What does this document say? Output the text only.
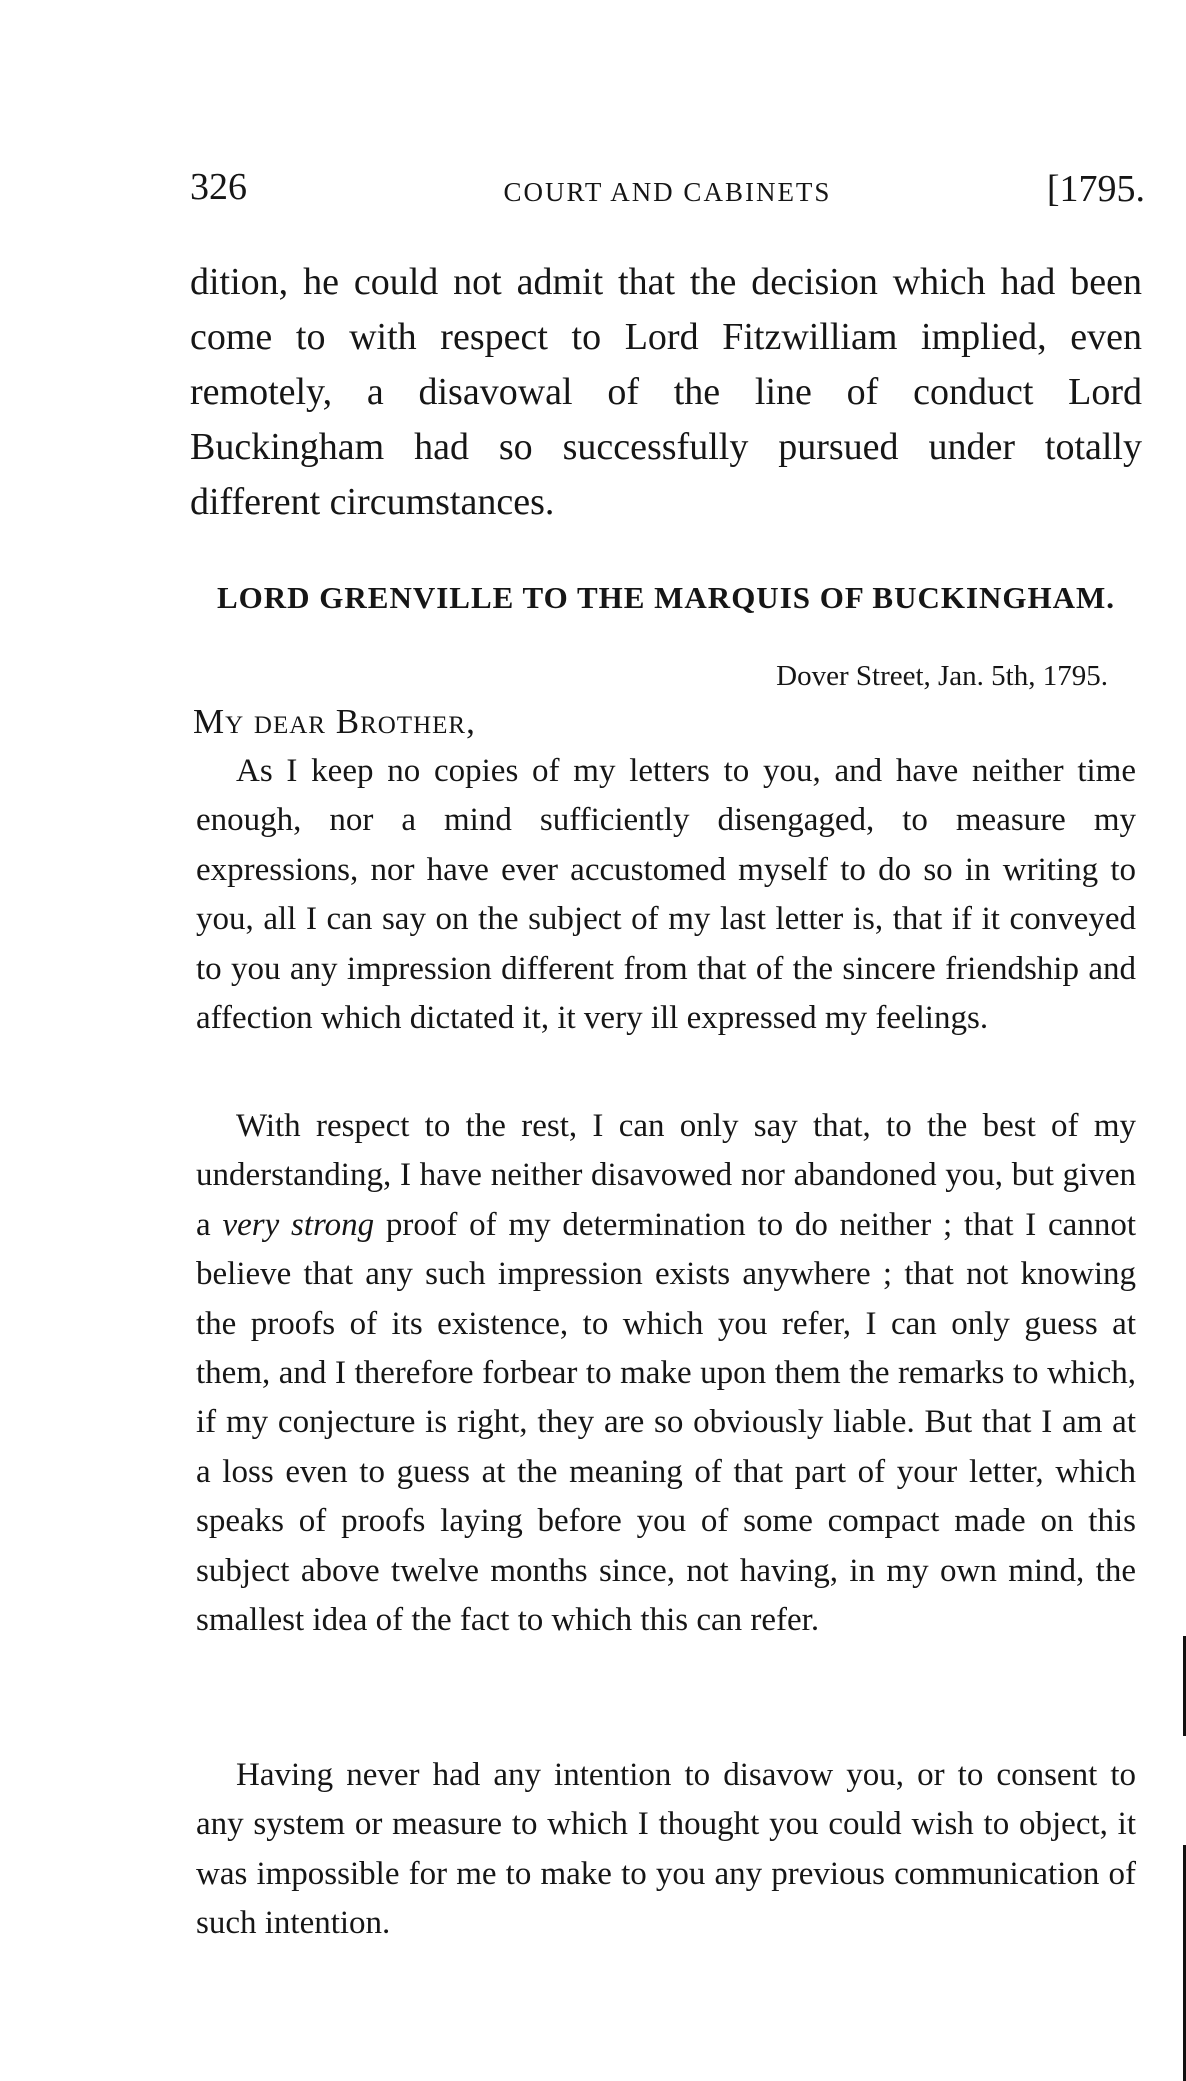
326	COURT AND CABINETS	[1795.

dition, he could not admit that the decision which had been come to with respect to Lord Fitzwilliam implied, even remotely, a disavowal of the line of conduct Lord Buckingham had so successfully pursued under totally different circumstances.

LORD GRENVILLE TO THE MARQUIS OF BUCKINGHAM.

Dover Street, Jan. 5th, 1795.

My dear Brother,

As I keep no copies of my letters to you, and have neither time enough, nor a mind sufficiently disengaged, to measure my expressions, nor have ever accustomed myself to do so in writing to you, all I can say on the subject of my last letter is, that if it conveyed to you any impression different from that of the sincere friendship and affection which dictated it, it very ill expressed my feelings.

With respect to the rest, I can only say that, to the best of my understanding, I have neither disavowed nor abandoned you, but given a very strong proof of my determination to do neither ; that I cannot believe that any such impression exists anywhere ; that not knowing the proofs of its existence, to which you refer, I can only guess at them, and I therefore forbear to make upon them the remarks to which, if my conjecture is right, they are so obviously liable. But that I am at a loss even to guess at the meaning of that part of your letter, which speaks of proofs laying before you of some compact made on this subject above twelve months since, not having, in my own mind, the smallest idea of the fact to which this can refer.

Having never had any intention to disavow you, or to consent to any system or measure to which I thought you could wish to object, it was impossible for me to make to you any previous communication of such intention.
